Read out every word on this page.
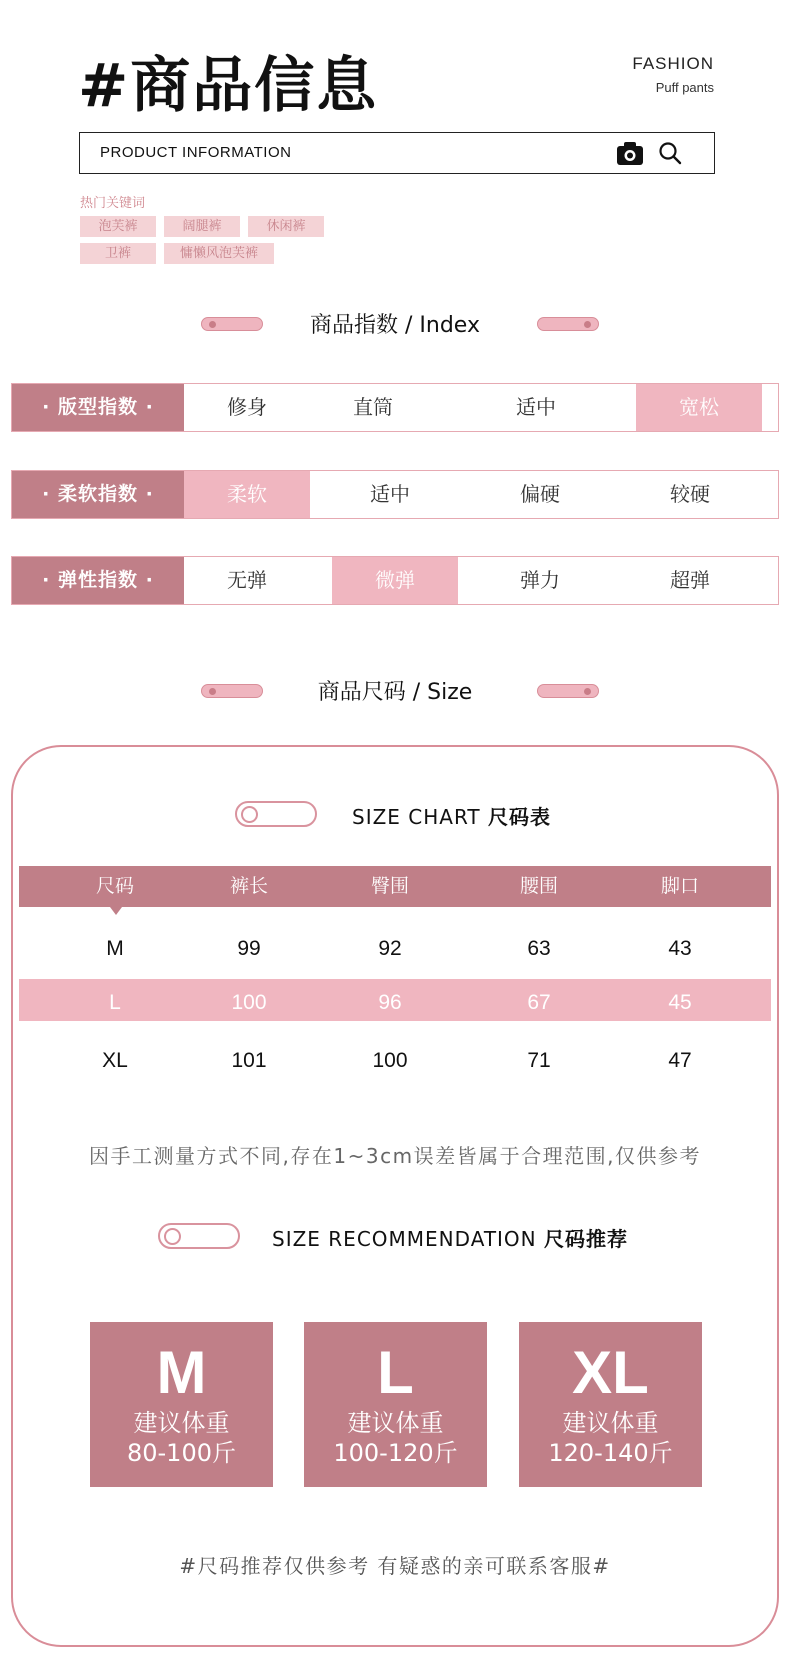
#商品信息	FASHION
Puff pants
PRODUCT INFORMATION
热门关键词
泡芙裤	阔腿裤	休闲裤
卫裤	慵懒风泡芙裤
商品指数 / Index
· 版型指数 ·	修身	直筒	适中	宽松
· 柔软指数 ·	柔软	适中	偏硬	较硬
· 弹性指数 ·	无弹	微弹	弹力	超弹
商品尺码 / Size
SIZE CHART 尺码表
尺码	裤长	臀围	腰围	脚口
M	99	92	63	43
L	100	96	67	45
XL	101	100	71	47
因手工测量方式不同,存在1~3cm误差皆属于合理范围,仅供参考
SIZE RECOMMENDATION 尺码推荐
M
建议体重
80-100斤
L
建议体重
100-120斤
XL
建议体重
120-140斤
#尺码推荐仅供参考 有疑惑的亲可联系客服#
